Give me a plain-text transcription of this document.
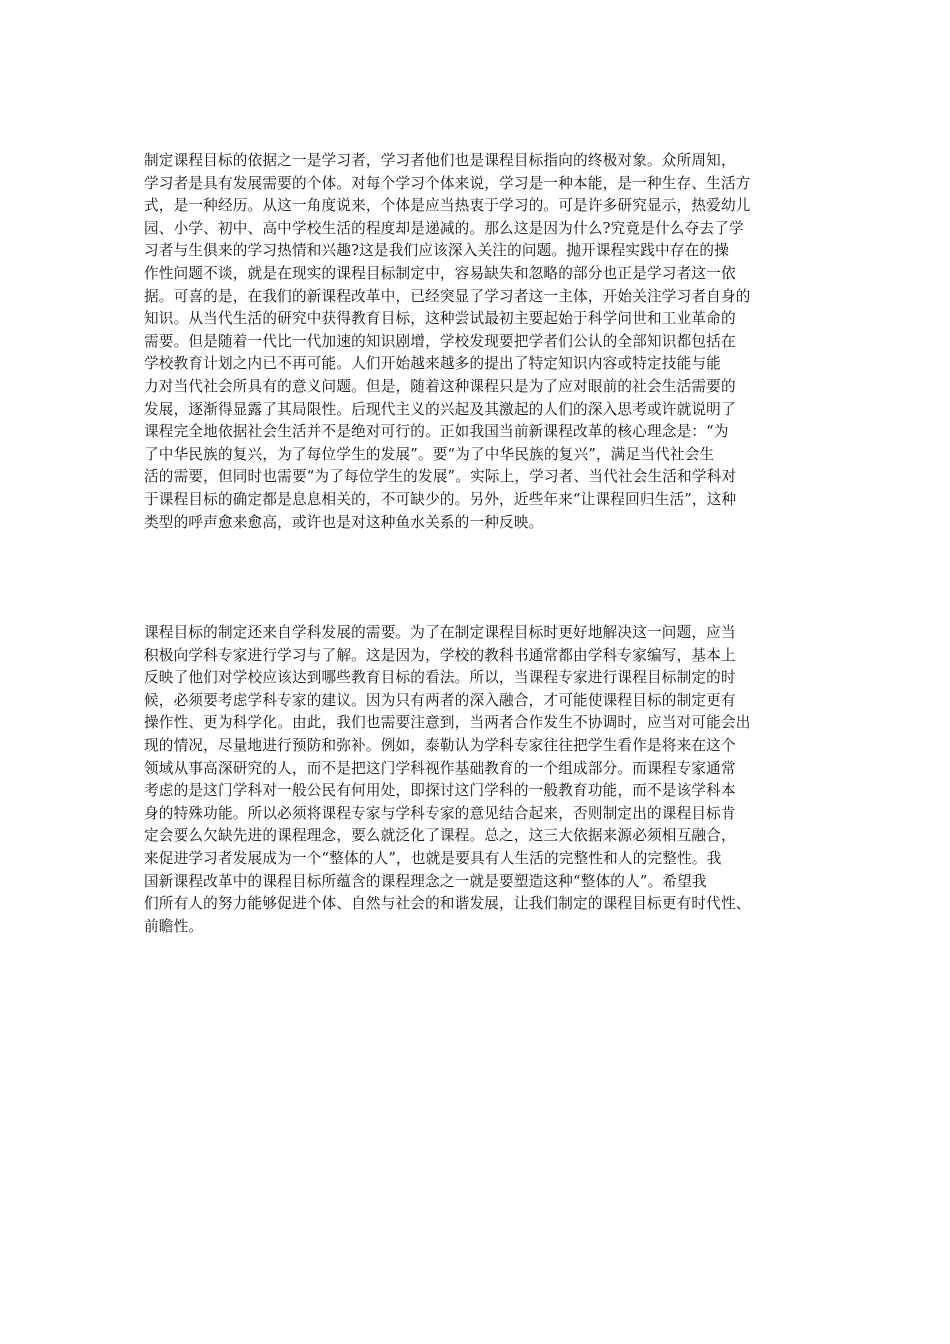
制定课程目标的依据之一是学习者，学习者他们也是课程目标指向的终极对象。众所周知，
学习者是具有发展需要的个体。对每个学习个体来说，学习是一种本能，是一种生存、生活方
式，是一种经历。从这一角度说来，个体是应当热衷于学习的。可是许多研究显示，热爱幼儿
园、小学、初中、高中学校生活的程度却是递减的。那么这是因为什么?究竟是什么夺去了学
习者与生俱来的学习热情和兴趣?这是我们应该深入关注的问题。抛开课程实践中存在的操
作性问题不谈，就是在现实的课程目标制定中，容易缺失和忽略的部分也正是学习者这一依
据。可喜的是，在我们的新课程改革中，已经突显了学习者这一主体，开始关注学习者自身的
知识。从当代生活的研究中获得教育目标，这种尝试最初主要起始于科学问世和工业革命的
需要。但是随着一代比一代加速的知识剧增，学校发现要把学者们公认的全部知识都包括在
学校教育计划之内已不再可能。人们开始越来越多的提出了特定知识内容或特定技能与能
力对当代社会所具有的意义问题。但是，随着这种课程只是为了应对眼前的社会生活需要的
发展，逐渐得显露了其局限性。后现代主义的兴起及其激起的人们的深入思考或许就说明了
课程完全地依据社会生活并不是绝对可行的。正如我国当前新课程改革的核心理念是：“为
了中华民族的复兴，为了每位学生的发展”。要“为了中华民族的复兴”，满足当代社会生
活的需要，但同时也需要“为了每位学生的发展”。实际上，学习者、当代社会生活和学科对
于课程目标的确定都是息息相关的，不可缺少的。另外，近些年来“让课程回归生活”，这种
类型的呼声愈来愈高，或许也是对这种鱼水关系的一种反映。
课程目标的制定还来自学科发展的需要。为了在制定课程目标时更好地解决这一问题，应当
积极向学科专家进行学习与了解。这是因为，学校的教科书通常都由学科专家编写，基本上
反映了他们对学校应该达到哪些教育目标的看法。所以，当课程专家进行课程目标制定的时
候，必须要考虑学科专家的建议。因为只有两者的深入融合，才可能使课程目标的制定更有
操作性、更为科学化。由此，我们也需要注意到，当两者合作发生不协调时，应当对可能会出
现的情况，尽量地进行预防和弥补。例如，泰勒认为学科专家往往把学生看作是将来在这个
领域从事高深研究的人，而不是把这门学科视作基础教育的一个组成部分。而课程专家通常
考虑的是这门学科对一般公民有何用处，即探讨这门学科的一般教育功能，而不是该学科本
身的特殊功能。所以必须将课程专家与学科专家的意见结合起来，否则制定出的课程目标肯
定会要么欠缺先进的课程理念，要么就泛化了课程。总之，这三大依据来源必须相互融合，
来促进学习者发展成为一个“整体的人”，也就是要具有人生活的完整性和人的完整性。我
国新课程改革中的课程目标所蕴含的课程理念之一就是要塑造这种“整体的人”。希望我
们所有人的努力能够促进个体、自然与社会的和谐发展，让我们制定的课程目标更有时代性、
前瞻性。
